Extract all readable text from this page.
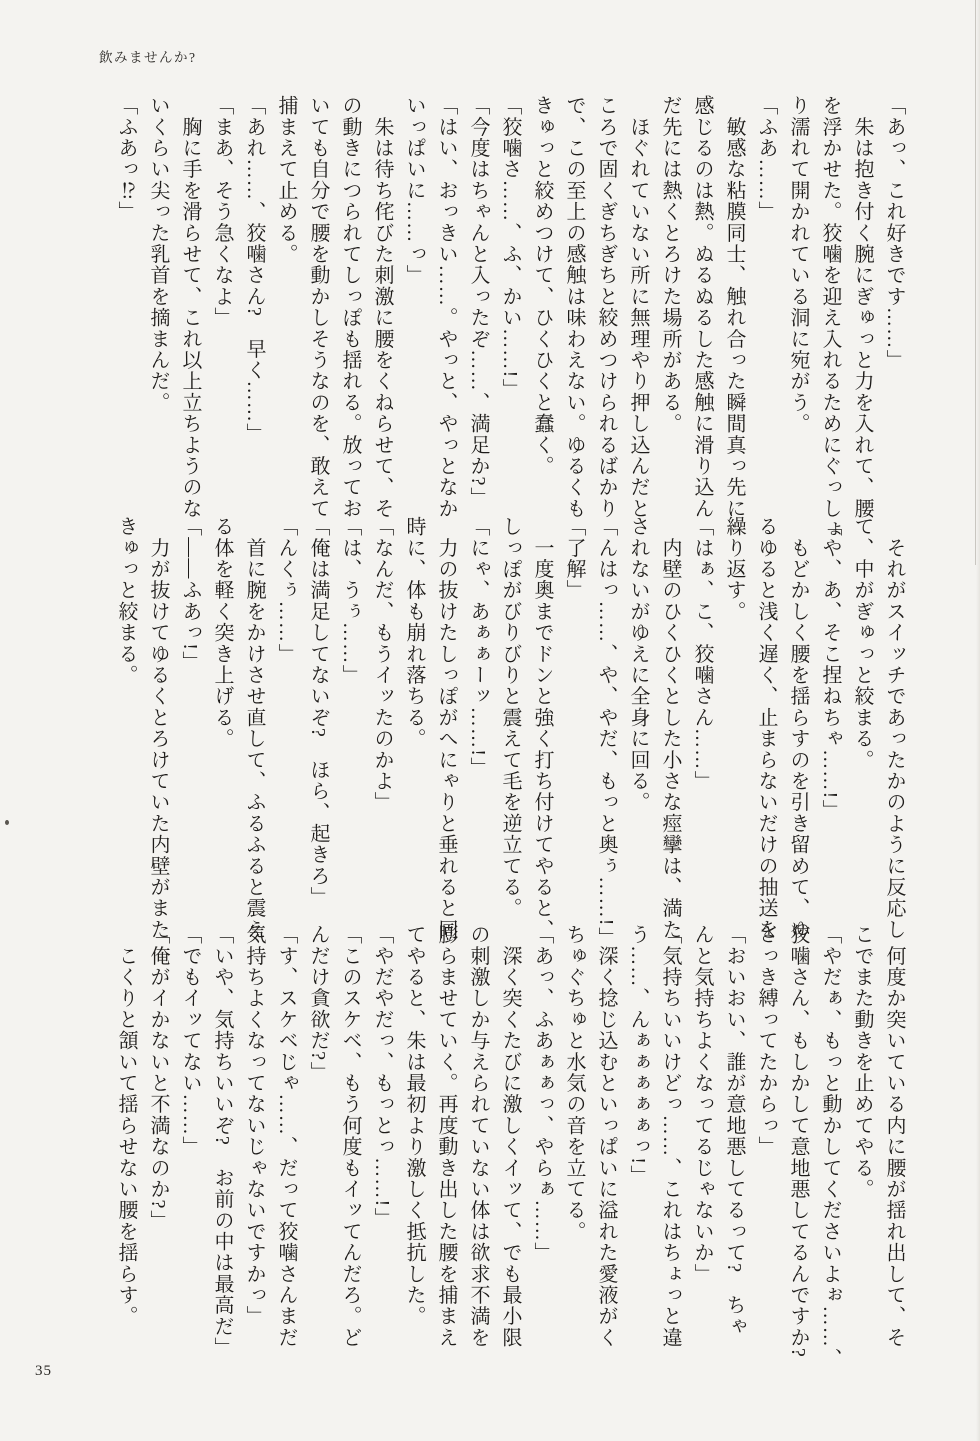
飲みませんか?

「あっ、これ好きです……」

　朱は抱き付く腕にぎゅっと力を入れて、腰

を浮かせた。狡噛を迎え入れるためにぐっしょ

り濡れて開かれている洞に宛がう。

「ふあ……」

　敏感な粘膜同士、触れ合った瞬間真っ先に

感じるのは熱。ぬるぬるした感触に滑り込ん

だ先には熱くとろけた場所がある。

　ほぐれていない所に無理やり押し込んだと

ころで固くぎちぎちと絞めつけられるばかり

で、この至上の感触は味わえない。ゆるくも

きゅっと絞めつけて、ひくひくと蠢く。

「狡噛さ……、ふ、かい……!」

「今度はちゃんと入ったぞ……、満足か?」

「はい、おっきい……。やっと、やっとなか

いっぱいに……っ」

　朱は待ち侘びた刺激に腰をくねらせて、そ

の動きにつられてしっぽも揺れる。放ってお

いても自分で腰を動かしそうなのを、敢えて

捕まえて止める。

「あれ……、狡噛さん?　早く……」

「まあ、そう急くなよ」

　胸に手を滑らせて、これ以上立ちようのな

いくらい尖った乳首を摘まんだ。

「ふあっ⁉」

　それがスイッチであったかのように反応し

て、中がぎゅっと絞まる。

「や、あ、そこ捏ねちゃ……!」

　もどかしく腰を揺らすのを引き留めて、ゆ

るゆると浅く遅く、止まらないだけの抽送を

繰り返す。

「はぁ、こ、狡噛さん……」

　内壁のひくひくとした小さな痙攣は、満た

されないがゆえに全身に回る。

「んはっ……、や、やだ、もっと奥ぅ……!」

「了解」

　一度奥までドンと強く打ち付けてやると、

しっぽがびりびりと震えて毛を逆立てる。

「にゃ、あぁぁーッ……!」

　力の抜けたしっぽがへにゃりと垂れると同

時に、体も崩れ落ちる。

「なんだ、もうイッたのかよ」

「は、うぅ……」

「俺は満足してないぞ?　ほら、起きろ」

「んくぅ……」

　首に腕をかけさせ直して、ふるふると震え

る体を軽く突き上げる。

「――ふあっ!」

　力が抜けてゆるくとろけていた内壁がまた

きゅっと絞まる。

　何度か突いている内に腰が揺れ出して、そ

こでまた動きを止めてやる。

「やだぁ、もっと動かしてくださいよぉ……、

狡噛さん、もしかして意地悪してるんですか?

さっき縛ってたからっ」

「おいおい、誰が意地悪してるって?　ちゃ

んと気持ちよくなってるじゃないか」

「気持ちいいけどっ……、これはちょっと違

う……、んぁぁぁぁぁっ!」

　深く捻じ込むといっぱいに溢れた愛液がく

ちゅぐちゅと水気の音を立てる。

「あっ、ふあぁぁっ、やらぁ……」

　深く突くたびに激しくイッて、でも最小限

の刺激しか与えられていない体は欲求不満を

膨らませていく。再度動き出した腰を捕まえ

てやると、朱は最初より激しく抵抗した。

「やだやだっ、もっとっ……!」

「このスケベ、もう何度もイッてんだろ。ど

んだけ貪欲だ?」

「す、スケベじゃ……、だって狡噛さんまだ

気持ちよくなってないじゃないですかっ」

「いや、気持ちいいぞ?　お前の中は最高だ」

「でもイッてない……」

「俺がイかないと不満なのか?」

　こくりと頷いて揺らせない腰を揺らす。

35
